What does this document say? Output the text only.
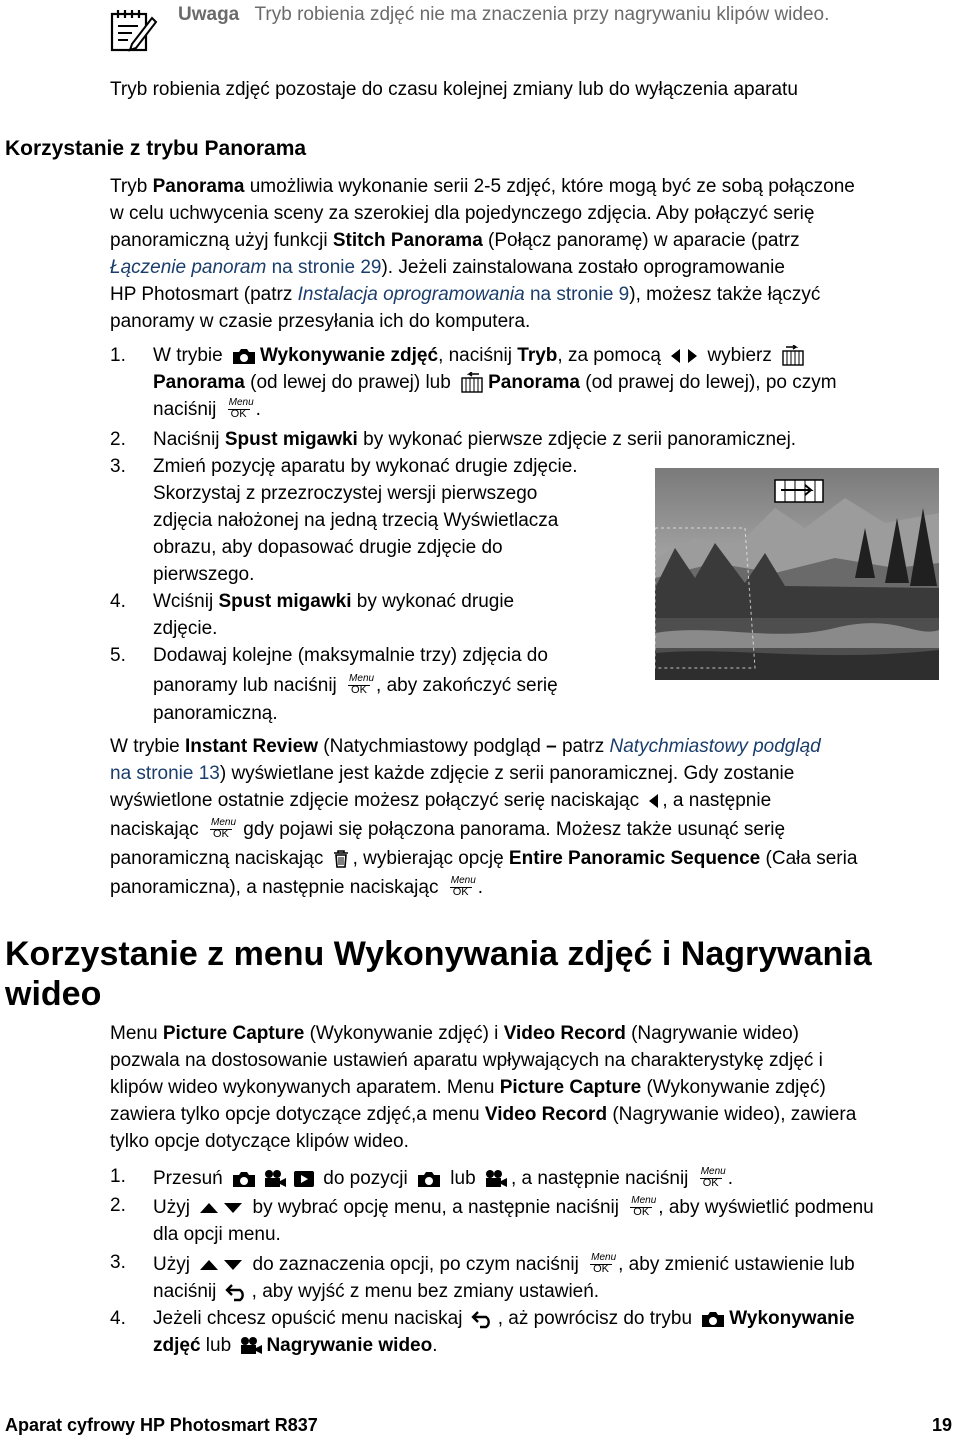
Uwaga Tryb robienia zdjęć nie ma znaczenia przy nagrywaniu klipów wideo.
Tryb robienia zdjęć pozostaje do czasu kolejnej zmiany lub do wyłączenia aparatu
Korzystanie z trybu Panorama
Tryb Panorama umożliwia wykonanie serii 2-5 zdjęć, które mogą być ze sobą połączone
w celu uchwycenia sceny za szerokiej dla pojedynczego zdjęcia. Aby połączyć serię
panoramiczną użyj funkcji Stitch Panorama (Połącz panoramę) w aparacie (patrz
Łączenie panoram na stronie 29). Jeżeli zainstalowana zostało oprogramowanie
HP Photosmart (patrz Instalacja oprogramowania na stronie 9), możesz także łączyć
panoramy w czasie przesyłania ich do komputera.
1.	W trybie Wykonywanie zdjęć, naciśnij Tryb, za pomocą  wybierz
Panorama (od lewej do prawej) lub Panorama (od prawej do lewej), po czym
naciśnij Menu
OK .
2.	Naciśnij Spust migawki by wykonać pierwsze zdjęcie z serii panoramicznej.
3.	Zmień pozycję aparatu by wykonać drugie zdjęcie.
Skorzystaj z przezroczystej wersji pierwszego
zdjęcia nałożonej na jedną trzecią Wyświetlacza
obrazu, aby dopasować drugie zdjęcie do
pierwszego.
4.	Wciśnij Spust migawki by wykonać drugie
zdjęcie.
5.	Dodawaj kolejne (maksymalnie trzy) zdjęcia do
panoramy lub naciśnij Menu
OK , aby zakończyć serię
panoramiczną.
W trybie Instant Review (Natychmiastowy podgląd – patrz Natychmiastowy podgląd
na stronie 13) wyświetlane jest każde zdjęcie z serii panoramicznej. Gdy zostanie
wyświetlone ostatnie zdjęcie możesz połączyć serię naciskając , a następnie
naciskając Menu
OK gdy pojawi się połączona panorama. Możesz także usunąć serię
panoramiczną naciskając , wybierając opcję Entire Panoramic Sequence (Cała seria
panoramiczna), a następnie naciskając Menu
OK .
Korzystanie z menu Wykonywania zdjęć i Nagrywania
wideo
Menu Picture Capture (Wykonywanie zdjęć) i Video Record (Nagrywanie wideo)
pozwala na dostosowanie ustawień aparatu wpływających na charakterystykę zdjęć i
klipów wideo wykonywanych aparatem. Menu Picture Capture (Wykonywanie zdjęć)
zawiera tylko opcje dotyczące zdjęć,a menu Video Record (Nagrywanie wideo), zawiera
tylko opcje dotyczące klipów wideo.
1.	Przesuń	do pozycji  lub , a następnie naciśnij Menu
OK .
2.	Użyj	by wybrać opcję menu, a następnie naciśnij Menu
OK , aby wyświetlić podmenu
dla opcji menu.
3.	Użyj	do zaznaczenia opcji, po czym naciśnij Menu
OK , aby zmienić ustawienie lub
naciśnij , aby wyjść z menu bez zmiany ustawień.
4.	Jeżeli chcesz opuścić menu naciskaj , aż powrócisz do trybu Wykonywanie
zdjęć lub Nagrywanie wideo.
Aparat cyfrowy HP Photosmart R837	19
